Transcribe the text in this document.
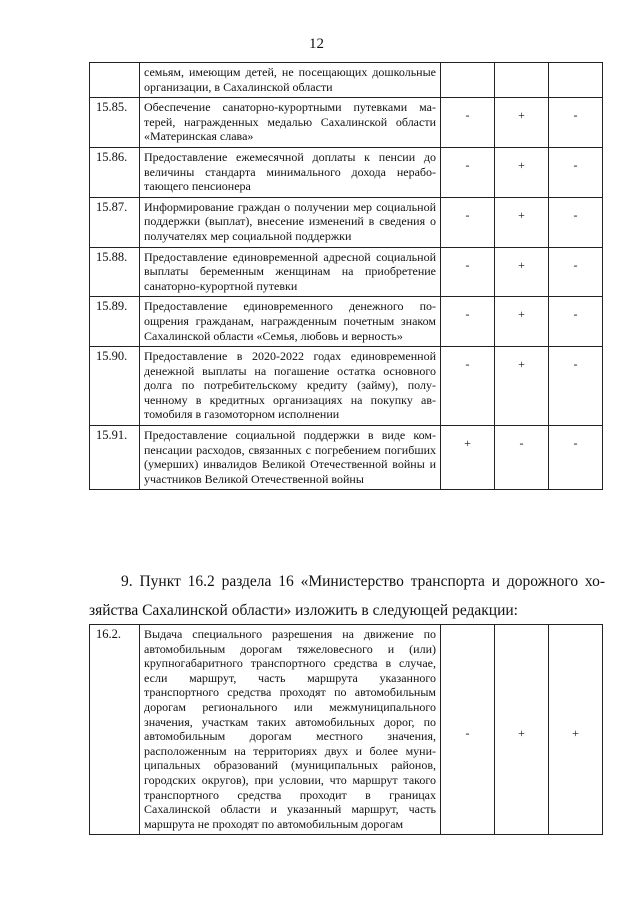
12
	семьям, имеющим детей, не посещающих дошкольные организации, в Сахалинской области			
15.85.	Обеспечение санаторно-курортными путевками матерей, награжденных медалью Сахалинской области «Материнская слава»	-	+	-
15.86.	Предоставление ежемесячной доплаты к пенсии до величины стандарта минимального дохода неработающего пенсионера	-	+	-
15.87.	Информирование граждан о получении мер социальной поддержки (выплат), внесение изменений в сведения о получателях мер социальной поддержки	-	+	-
15.88.	Предоставление единовременной адресной социальной выплаты беременным женщинам на приобретение санаторно-курортной путевки	-	+	-
15.89.	Предоставление единовременного денежного поощрения гражданам, награжденным почетным знаком Сахалинской области «Семья, любовь и верность»	-	+	-
15.90.	Предоставление в 2020-2022 годах единовременной денежной выплаты на погашение остатка основного долга по потребительскому кредиту (займу), полученному в кредитных организациях на покупку автомобиля в газомоторном исполнении	-	+	-
15.91.	Предоставление социальной поддержки в виде компенсации расходов, связанных с погребением погибших (умерших) инвалидов Великой Отечественной войны и участников Великой Отечественной войны	+	-	-
9. Пункт 16.2 раздела 16 «Министерство транспорта и дорожного хозяйства Сахалинской области» изложить в следующей редакции:
16.2.	Выдача специального разрешения на движение по автомобильным дорогам тяжеловесного и (или) крупногабаритного транспортного средства в случае, если маршрут, часть маршрута указанного транспортного средства проходят по автомобильным дорогам регионального или межмуниципального значения, участкам таких автомобильных дорог, по автомобильным дорогам местного значения, расположенным на территориях двух и более муниципальных образований (муниципальных районов, городских округов), при условии, что маршрут такого транспортного средства проходит в границах Сахалинской области и указанный маршрут, часть маршрута не проходят по автомобильным дорогам	-	+	+
